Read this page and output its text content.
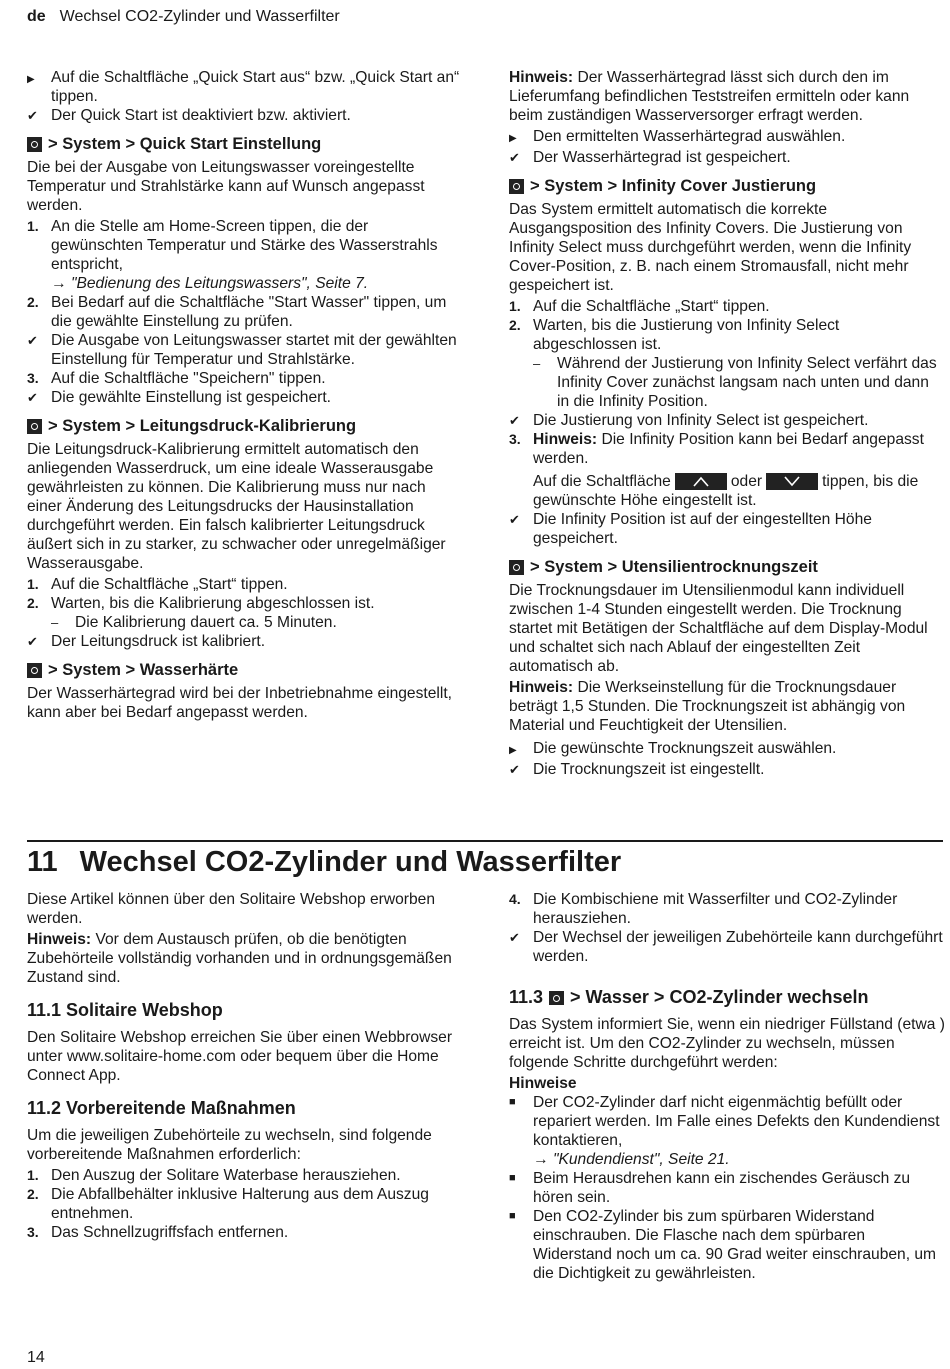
de Wechsel CO2-Zylinder und Wasserfilter
▶	Auf die Schaltfläche „Quick Start aus“ bzw. „Quick Start an“ tippen.
✔ Der Quick Start ist deaktiviert bzw. aktiviert.
> System > Quick Start Einstellung

Die bei der Ausgabe von Leitungswasser voreingestellte Temperatur und Strahlstärke kann auf Wunsch angepasst werden.

1. An die Stelle am Home-Screen tippen, die der gewünschten Temperatur und Stärke des Wasserstrahls entspricht,
→ "Bedienung des Leitungswassers", Seite 7.
2. Bei Bedarf auf die Schaltfläche "Start Wasser" tippen, um die gewählte Einstellung zu prüfen.
✔ Die Ausgabe von Leitungswasser startet mit der gewählten Einstellung für Temperatur und Strahlstärke.
3. Auf die Schaltfläche "Speichern" tippen.
✔ Die gewählte Einstellung ist gespeichert.
> System > Leitungsdruck-Kalibrierung

Die Leitungsdruck-Kalibrierung ermittelt automatisch den anliegenden Wasserdruck, um eine ideale Wasserausgabe gewährleisten zu können. Die Kalibrierung muss nur nach einer Änderung des Leitungsdrucks der Hausinstallation durchgeführt werden. Ein falsch kalibrierter Leitungsdruck äußert sich in zu starker, zu schwacher oder unregelmäßiger Wasserausgabe.

1. Auf die Schaltfläche „Start“ tippen.
2. Warten, bis die Kalibrierung abgeschlossen ist.
–	Die Kalibrierung dauert ca. 5 Minuten.
✔ Der Leitungsdruck ist kalibriert.
> System > Wasserhärte

Der Wasserhärtegrad wird bei der Inbetriebnahme eingestellt, kann aber bei Bedarf angepasst werden.

Hinweis: Der Wasserhärtegrad lässt sich durch den im Lieferumfang befindlichen Teststreifen ermitteln oder kann beim zuständigen Wasserversorger erfragt werden.

▶	Den ermittelten Wasserhärtegrad auswählen.
✔ Der Wasserhärtegrad ist gespeichert.
> System > Infinity Cover Justierung

Das System ermittelt automatisch die korrekte Ausgangsposition des Infinity Covers. Die Justierung von Infinity Select muss durchgeführt werden, wenn die Infinity Cover-Position, z. B. nach einem Stromausfall, nicht mehr gespeichert ist.

1. Auf die Schaltfläche „Start“ tippen.
2. Warten, bis die Justierung von Infinity Select abgeschlossen ist.
–	Während der Justierung von Infinity Select verfährt das Infinity Cover zunächst langsam nach unten und dann in die Infinity Position.
✔ Die Justierung von Infinity Select ist gespeichert.
3. Hinweis: Die Infinity Position kann bei Bedarf angepasst werden.
Auf die Schaltfläche	oder	tippen, bis die gewünschte Höhe eingestellt ist.
✔ Die Infinity Position ist auf der eingestellten Höhe gespeichert.
> System > Utensilientrocknungszeit

Die Trocknungsdauer im Utensilienmodul kann individuell zwischen 1-4 Stunden eingestellt werden. Die Trocknung startet mit Betätigen der Schaltfläche auf dem Display-Modul und schaltet sich nach Ablauf der eingestellten Zeit automatisch ab.

Hinweis: Die Werkseinstellung für die Trocknungsdauer beträgt 1,5 Stunden. Die Trocknungszeit ist abhängig von Material und Feuchtigkeit der Utensilien.

▶	Die gewünschte Trocknungszeit auswählen.
✔ Die Trocknungszeit ist eingestellt.
11 Wechsel CO2-Zylinder und Wasserfilter

Diese Artikel können über den Solitaire Webshop erworben werden.

Hinweis: Vor dem Austausch prüfen, ob die benötigten Zubehörteile vollständig vorhanden und in ordnungsgemäßen Zustand sind.

11.1 Solitaire Webshop

Den Solitaire Webshop erreichen Sie über einen Webbrowser unter www.solitaire-home.com oder bequem über die Home Connect App.

11.2 Vorbereitende Maßnahmen

Um die jeweiligen Zubehörteile zu wechseln, sind folgende vorbereitende Maßnahmen erforderlich:

1. Den Auszug der Solitare Waterbase herausziehen.
2. Die Abfallbehälter inklusive Halterung aus dem Auszug entnehmen.
3. Das Schnellzugriffsfach entfernen.
4. Die Kombischiene mit Wasserfilter und CO2-Zylinder herausziehen.
✔ Der Wechsel der jeweiligen Zubehörteile kann durchgeführt werden.
11.3 > Wasser > CO2-Zylinder wechseln

Das System informiert Sie, wenn ein niedriger Füllstand (etwa ) erreicht ist. Um den CO2-Zylinder zu wechseln, müssen folgende Schritte durchgeführt werden:

Hinweise
■	Der CO2-Zylinder darf nicht eigenmächtig befüllt oder repariert werden. Im Falle eines Defekts den Kundendienst kontaktieren,
→ "Kundendienst", Seite 21.
■	Beim Herausdrehen kann ein zischendes Geräusch zu hören sein.
■	Den CO2-Zylinder bis zum spürbaren Widerstand einschrauben. Die Flasche nach dem spürbaren Widerstand noch um ca. 90 Grad weiter einschrauben, um die Dichtigkeit zu gewährleisten.
14
